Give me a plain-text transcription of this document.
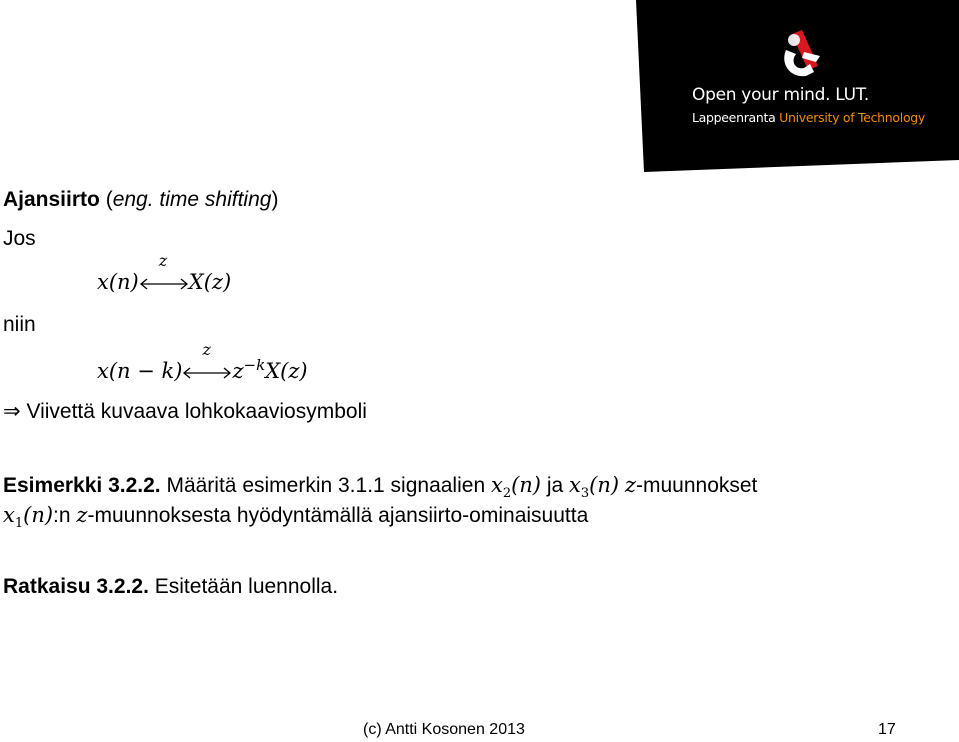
Open your mind. LUT.
Lappeenranta University of Technology
Ajansiirto (eng. time shifting)
Jos
x(n)
z
X(z)
niin
x(n − k)
z
$z^{-k}X(z)$
⇒ Viivettä kuvaava lohkokaaviosymboli
Esimerkki 3.2.2. Määritä esimerkin 3.1.1 signaalien $x_2(n)$ ja $x_3(n)$ z-muunnokset
$x_1(n):n$ z-muunnoksesta hyödyntämällä ajansiirto-ominaisuutta
Ratkaisu 3.2.2. Esitetään luennolla.
(c) Antti Kosonen 2013	17
